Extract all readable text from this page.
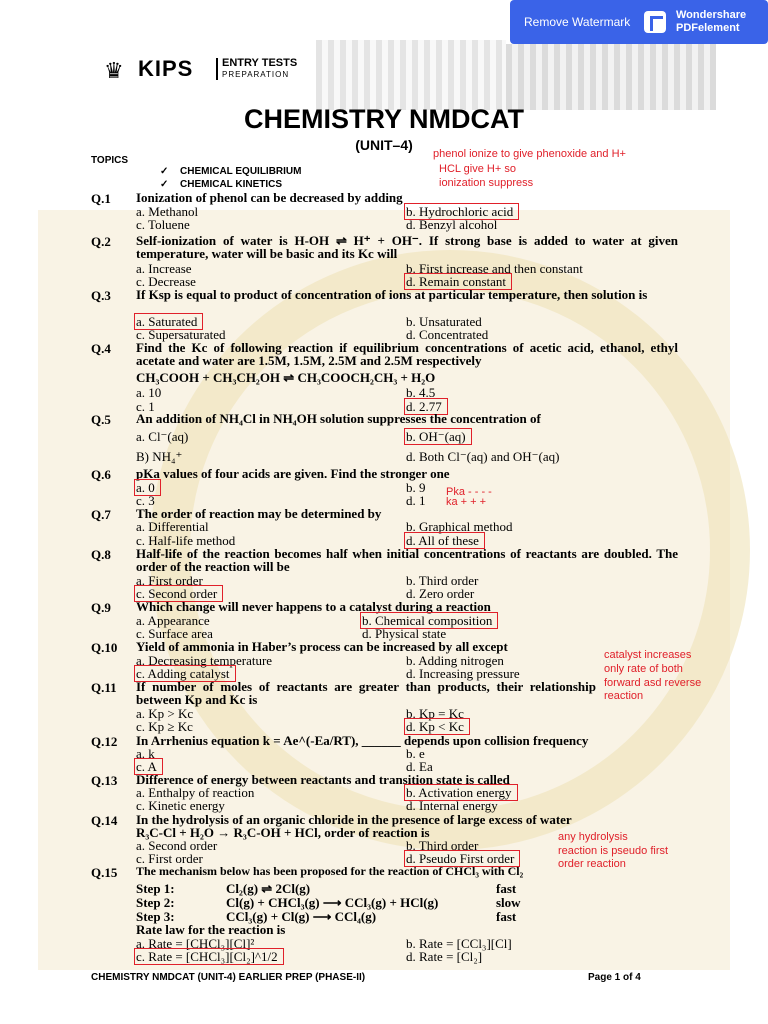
Remove Watermark	Wondershare
PDFelement
♛ KIPS	ENTRY TESTS
PREPARATION
CHEMISTRY NMDCAT
(UNIT–4)
TOPICS
✓ CHEMICAL EQUILIBRIUM
✓ CHEMICAL KINETICS
phenol ionize to give phenoxide and H+
HCL give H+ so
ionization suppress
Pka - - - -
ka + + +
catalyst increases
only rate of both
forward asd reverse
reaction
any hydrolysis
reaction is pseudo first
order reaction
Q.1 Ionization of phenol can be decreased by adding
a. Methanol	b. Hydrochloric acid
c. Toluene	d. Benzyl alcohol
Q.2 Self-ionization of water is H-OH ⇌ H⁺ + OH⁻. If strong base is added to water at given temperature, water will be basic and its Kc will
a. Increase	b. First increase and then constant
c. Decrease	d. Remain constant
Q.3 If Ksp is equal to product of concentration of ions at particular temperature, then solution is
a. Saturated	b. Unsaturated
c. Supersaturated	d. Concentrated
Q.4 Find the Kc of following reaction if equilibrium concentrations of acetic acid, ethanol, ethyl acetate and water are 1.5M, 1.5M, 2.5M and 2.5M respectively
CH₃COOH + CH₃CH₂OH ⇌ CH₃COOCH₂CH₃ + H₂O
a. 10	b. 4.5
c. 1	d. 2.77
Q.5 An addition of NH₄Cl in NH₄OH solution suppresses the concentration of
a. Cl⁻(aq)	b. OH⁻(aq)
B) NH₄⁺	d. Both Cl⁻(aq) and OH⁻(aq)
Q.6 pKa values of four acids are given. Find the stronger one
a. 0	b. 9
c. 3	d. 1
Q.7 The order of reaction may be determined by
a. Differential	b. Graphical method
c. Half-life method	d. All of these
Q.8 Half-life of the reaction becomes half when initial concentrations of reactants are doubled. The order of the reaction will be
a. First order	b. Third order
c. Second order	d. Zero order
Q.9 Which change will never happens to a catalyst during a reaction
a. Appearance	b. Chemical composition
c. Surface area	d. Physical state
Q.10 Yield of ammonia in Haber’s process can be increased by all except
a. Decreasing temperature	b. Adding nitrogen
c. Adding catalyst	d. Increasing pressure
Q.11 If number of moles of reactants are greater than products, their relationship between Kp and Kc is
a. Kp > Kc	b. Kp = Kc
c. Kp ≥ Kc	d. Kp < Kc
Q.12 In Arrhenius equation k = Ae^(-Ea/RT), ______ depends upon collision frequency
a. k	b. e
c. A	d. Ea
Q.13 Difference of energy between reactants and transition state is called
a. Enthalpy of reaction	b. Activation energy
c. Kinetic energy	d. Internal energy
Q.14 In the hydrolysis of an organic chloride in the presence of large excess of water
R₃C-Cl + H₂O → R₃C-OH + HCl, order of reaction is
a. Second order	b. Third order
c. First order	d. Pseudo First order
Q.15 The mechanism below has been proposed for the reaction of CHCl₃ with Cl₂
Step 1:	Cl₂(g) ⇌ 2Cl(g)	fast
Step 2:	Cl(g) + CHCl₃(g) ⟶ CCl₃(g) + HCl(g)	slow
Step 3:	CCl₃(g) + Cl(g) ⟶ CCl₄(g)	fast
Rate law for the reaction is
a. Rate = [CHCl₃][Cl]²	b. Rate = [CCl₃][Cl]
c. Rate = [CHCl₃][Cl₂]^1/2	d. Rate = [Cl₂]
CHEMISTRY NMDCAT (UNIT-4) EARLIER PREP (PHASE-II)	Page 1 of 4
